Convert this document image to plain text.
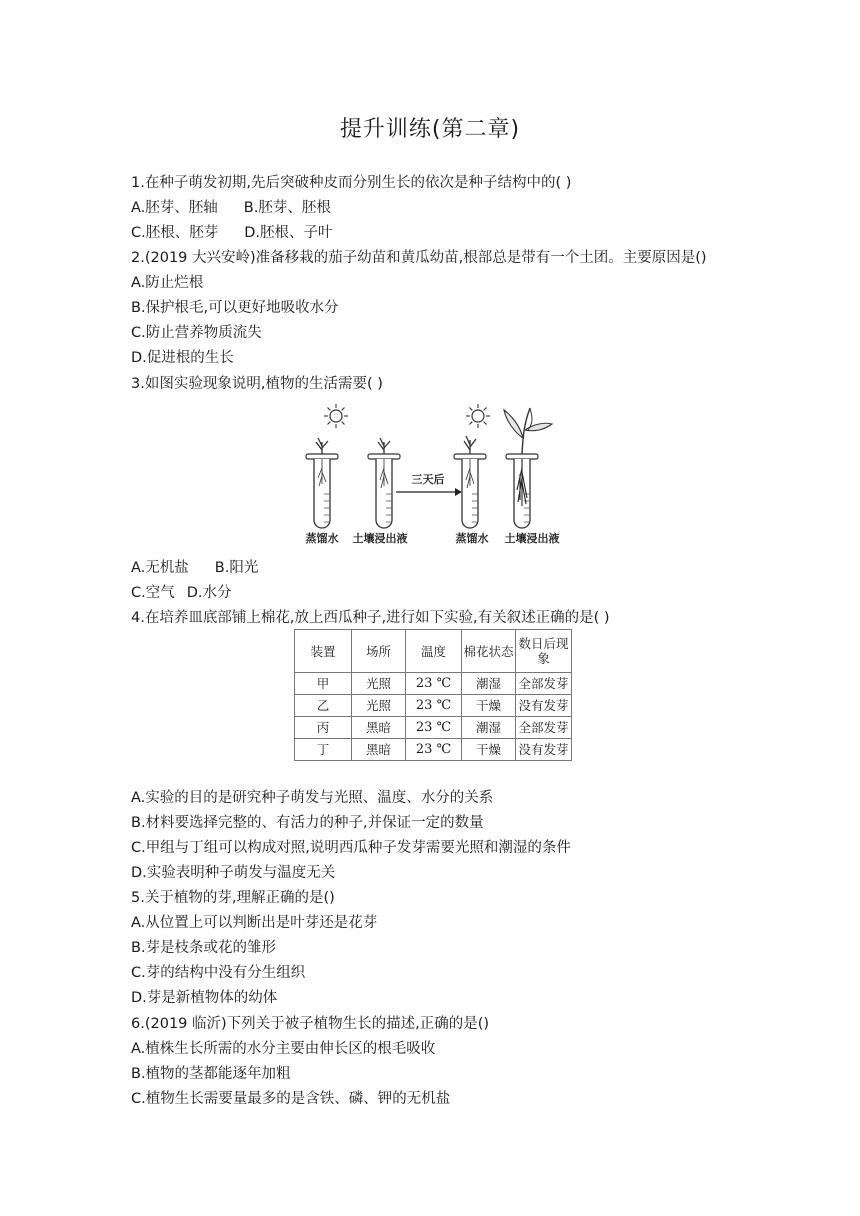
提升训练(第二章)
1.在种子萌发初期,先后突破种皮而分别生长的依次是种子结构中的( )
A.胚芽、胚轴 B.胚芽、胚根
C.胚根、胚芽 D.胚根、子叶
2.(2019 大兴安岭)准备移栽的茄子幼苗和黄瓜幼苗,根部总是带有一个土团。主要原因是()
A.防止烂根
B.保护根毛,可以更好地吸收水分
C.防止营养物质流失
D.促进根的生长
3.如图实验现象说明,植物的生活需要( )
三天后
蒸馏水 土壤浸出液	蒸馏水 土壤浸出液
A.无机盐 B.阳光
C.空气 D.水分
4.在培养皿底部铺上棉花,放上西瓜种子,进行如下实验,有关叙述正确的是( )
装置	场所	温度	棉花状态	数日后现象
甲	光照	23 ℃	潮湿	全部发芽
乙	光照	23 ℃	干燥	没有发芽
丙	黑暗	23 ℃	潮湿	全部发芽
丁	黑暗	23 ℃	干燥	没有发芽
A.实验的目的是研究种子萌发与光照、温度、水分的关系
B.材料要选择完整的、有活力的种子,并保证一定的数量
C.甲组与丁组可以构成对照,说明西瓜种子发芽需要光照和潮湿的条件
D.实验表明种子萌发与温度无关
5.关于植物的芽,理解正确的是()
A.从位置上可以判断出是叶芽还是花芽
B.芽是枝条或花的雏形
C.芽的结构中没有分生组织
D.芽是新植物体的幼体
6.(2019 临沂)下列关于被子植物生长的描述,正确的是()
A.植株生长所需的水分主要由伸长区的根毛吸收
B.植物的茎都能逐年加粗
C.植物生长需要量最多的是含铁、磷、钾的无机盐
